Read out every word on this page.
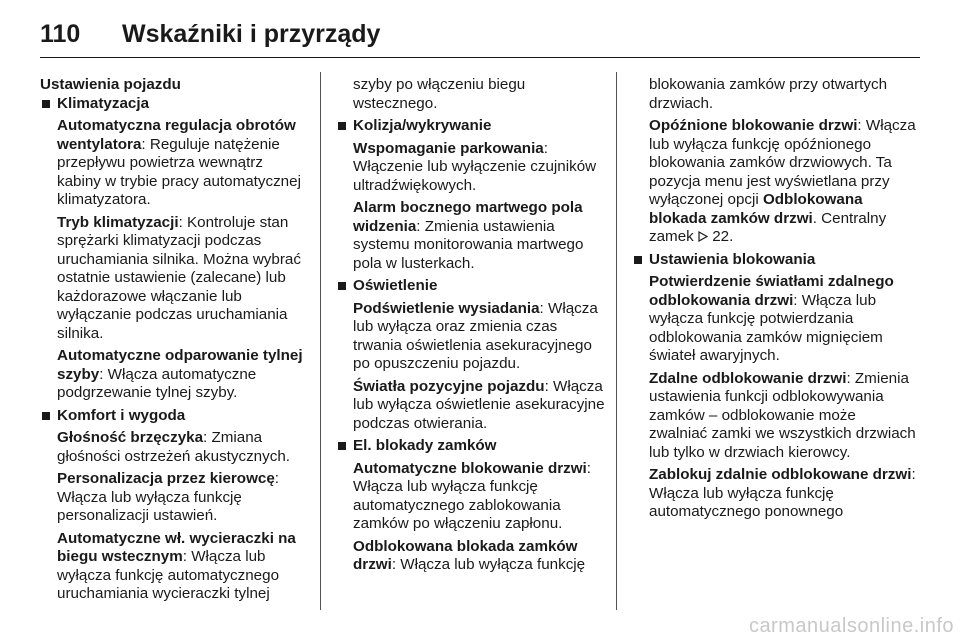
110	Wskaźniki i przyrządy
Ustawienia pojazdu
Klimatyzacja
Automatyczna regulacja obrotów wentylatora: Reguluje natężenie przepływu powietrza wewnątrz kabiny w trybie pracy automatycznej klimatyzatora.
Tryb klimatyzacji: Kontroluje stan sprężarki klimatyzacji podczas uruchamiania silnika. Można wybrać ostatnie ustawienie (zalecane) lub każdorazowe włączanie lub wyłączanie podczas uruchamiania silnika.
Automatyczne odparowanie tylnej szyby: Włącza automatyczne podgrzewanie tylnej szyby.
Komfort i wygoda
Głośność brzęczyka: Zmiana głośności ostrzeżeń akustycznych.
Personalizacja przez kierowcę: Włącza lub wyłącza funkcję personalizacji ustawień.
Automatyczne wł. wycieraczki na biegu wstecznym: Włącza lub wyłącza funkcję automatycznego uruchamiania wycieraczki tylnej
szyby po włączeniu biegu wstecznego.
Kolizja/wykrywanie
Wspomaganie parkowania: Włączenie lub wyłączenie czujników ultradźwiękowych.
Alarm bocznego martwego pola widzenia: Zmienia ustawienia systemu monitorowania martwego pola w lusterkach.
Oświetlenie
Podświetlenie wysiadania: Włącza lub wyłącza oraz zmienia czas trwania oświetlenia asekuracyjnego po opuszczeniu pojazdu.
Światła pozycyjne pojazdu: Włącza lub wyłącza oświetlenie asekuracyjne podczas otwierania.
El. blokady zamków
Automatyczne blokowanie drzwi: Włącza lub wyłącza funkcję automatycznego zablokowania zamków po włączeniu zapłonu.
Odblokowana blokada zamków drzwi: Włącza lub wyłącza funkcję
blokowania zamków przy otwartych drzwiach.
Opóźnione blokowanie drzwi: Włącza lub wyłącza funkcję opóźnionego blokowania zamków drzwiowych. Ta pozycja menu jest wyświetlana przy wyłączonej opcji Odblokowana blokada zamków drzwi. Centralny zamek  22.
Ustawienia blokowania
Potwierdzenie światłami zdalnego odblokowania drzwi: Włącza lub wyłącza funkcję potwierdzania odblokowania zamków mignięciem świateł awaryjnych.
Zdalne odblokowanie drzwi: Zmienia ustawienia funkcji odblokowywania zamków – odblokowanie może zwalniać zamki we wszystkich drzwiach lub tylko w drzwiach kierowcy.
Zablokuj zdalnie odblokowane drzwi: Włącza lub wyłącza funkcję automatycznego ponownego
carmanualsonline.info
